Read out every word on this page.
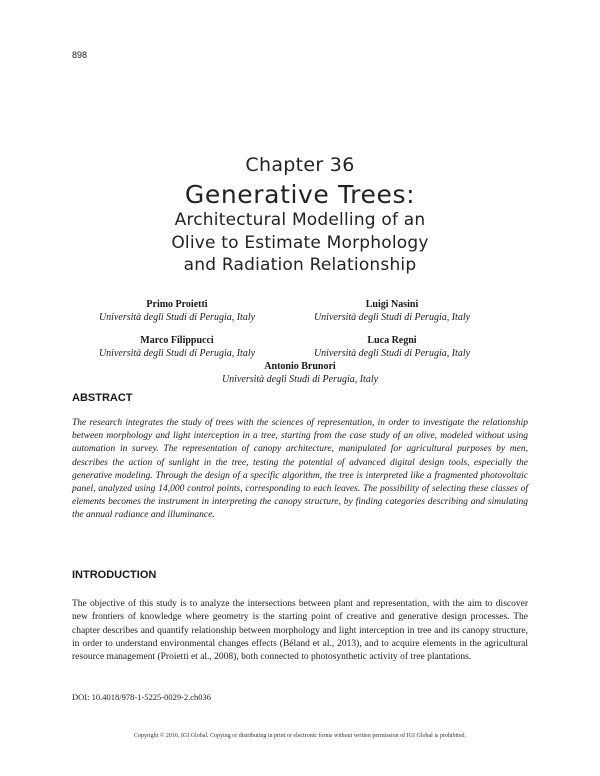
898
Chapter 36
Generative Trees:
Architectural Modelling of an
Olive to Estimate Morphology
and Radiation Relationship
Primo Proietti
Università degli Studi di Perugia, Italy
Luigi Nasini
Università degli Studi di Perugia, Italy
Marco Filippucci
Università degli Studi di Perugia, Italy
Luca Regni
Università degli Studi di Perugia, Italy
Antonio Brunori
Università degli Studi di Perugia, Italy
ABSTRACT
The research integrates the study of trees with the sciences of representation, in order to investigate the relationship between morphology and light interception in a tree, starting from the case study of an olive, modeled without using automation in survey. The representation of canopy architecture, manipulated for agricultural purposes by men, describes the action of sunlight in the tree, testing the potential of advanced digital design tools, especially the generative modeling. Through the design of a specific algorithm, the tree is interpreted like a fragmented photovoltaic panel, analyzed using 14,000 control points, corresponding to each leaves. The possibility of selecting these classes of elements becomes the instrument in interpreting the canopy structure, by finding categories describing and simulating the annual radiance and illuminance.
INTRODUCTION
The objective of this study is to analyze the intersections between plant and representation, with the aim to discover new frontiers of knowledge where geometry is the starting point of creative and generative design processes. The chapter describes and quantify relationship between morphology and light interception in tree and its canopy structure, in order to understand environmental changes effects (Béland et al., 2013), and to acquire elements in the agricultural resource management (Proietti et al., 2008), both connected to photosynthetic activity of tree plantations.
DOI: 10.4018/978-1-5225-0029-2.ch036
Copyright © 2016, IGI Global. Copying or distributing in print or electronic forms without written permission of IGI Global is prohibited.
